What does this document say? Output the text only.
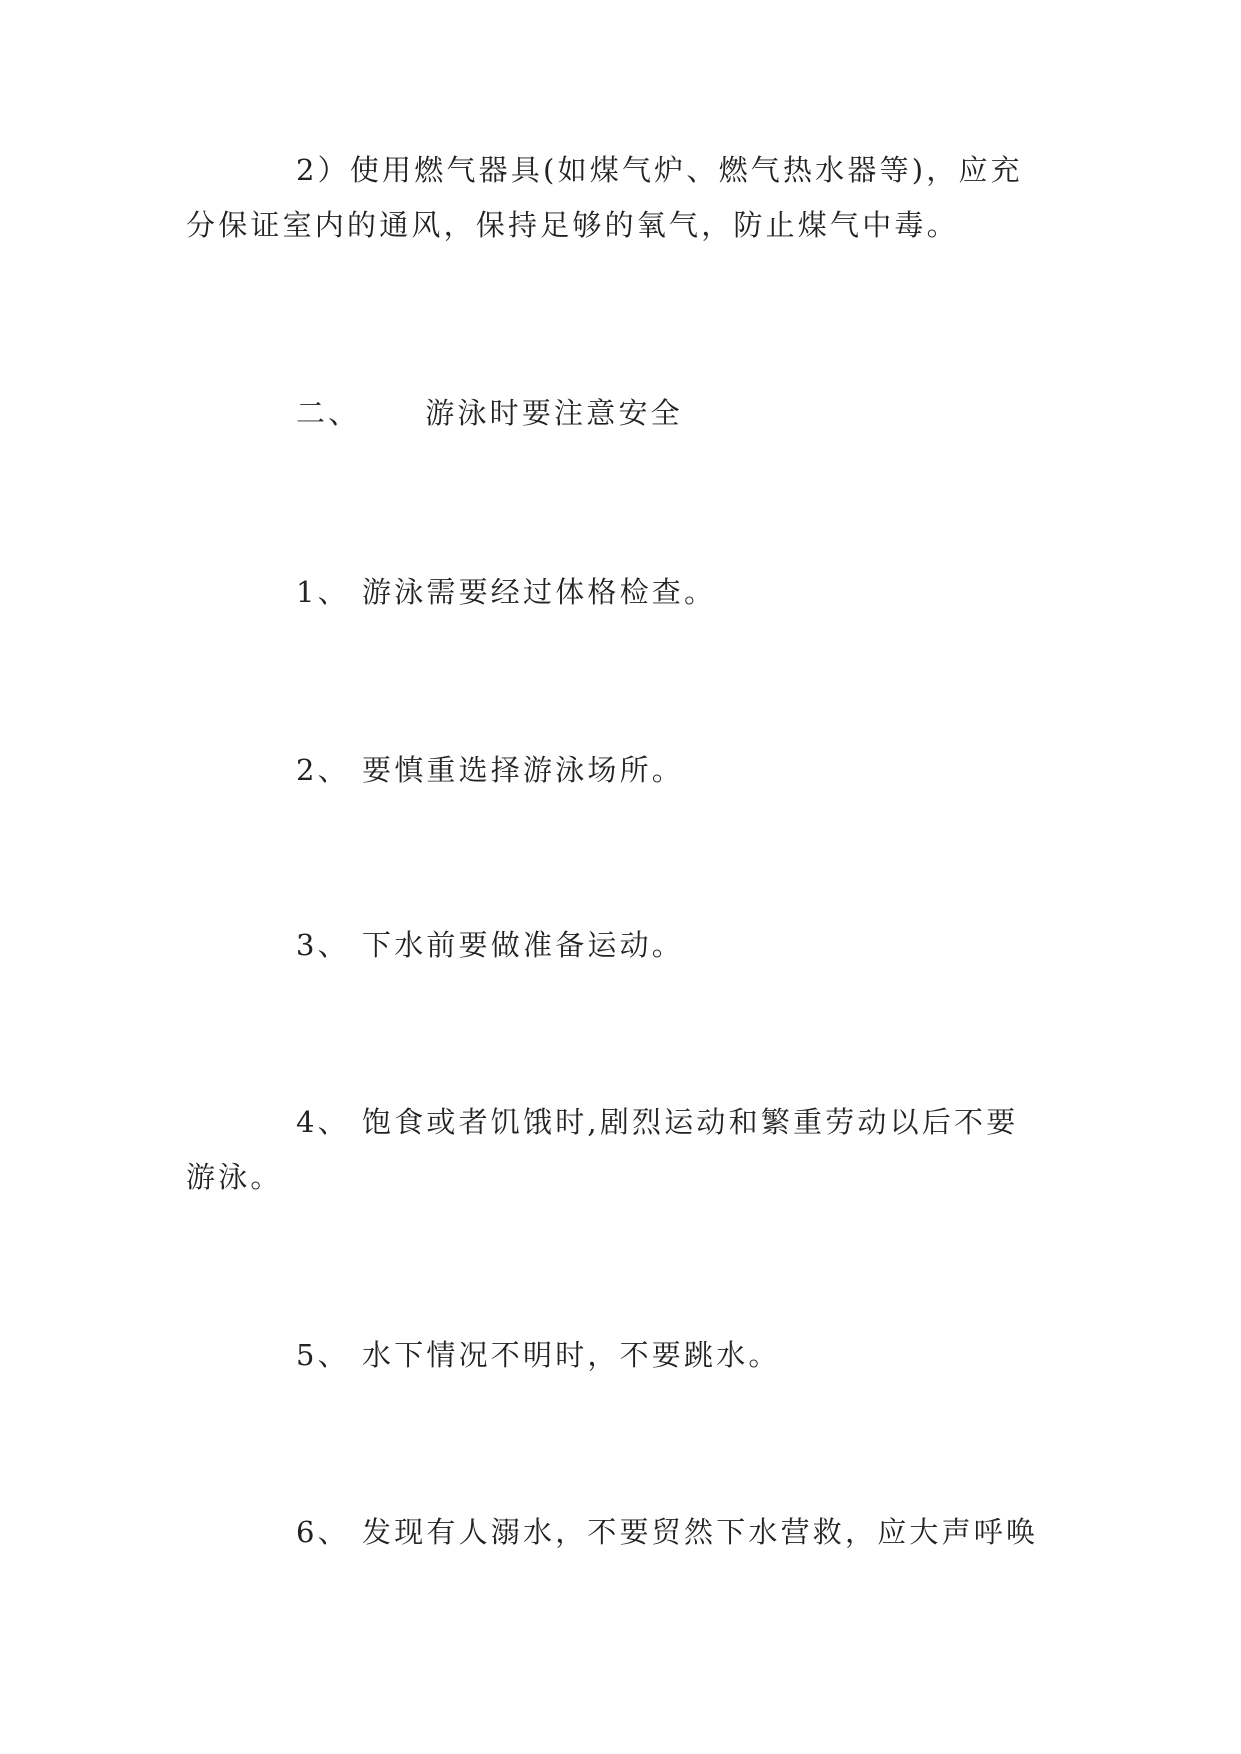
2）使用燃气器具(如煤气炉、燃气热水器等)，应充
分保证室内的通风，保持足够的氧气，防止煤气中毒。
二、 游泳时要注意安全
1、 游泳需要经过体格检查。
2、 要慎重选择游泳场所。
3、 下水前要做准备运动。
4、 饱食或者饥饿时,剧烈运动和繁重劳动以后不要
游泳。
5、 水下情况不明时，不要跳水。
6、 发现有人溺水，不要贸然下水营救，应大声呼唤
